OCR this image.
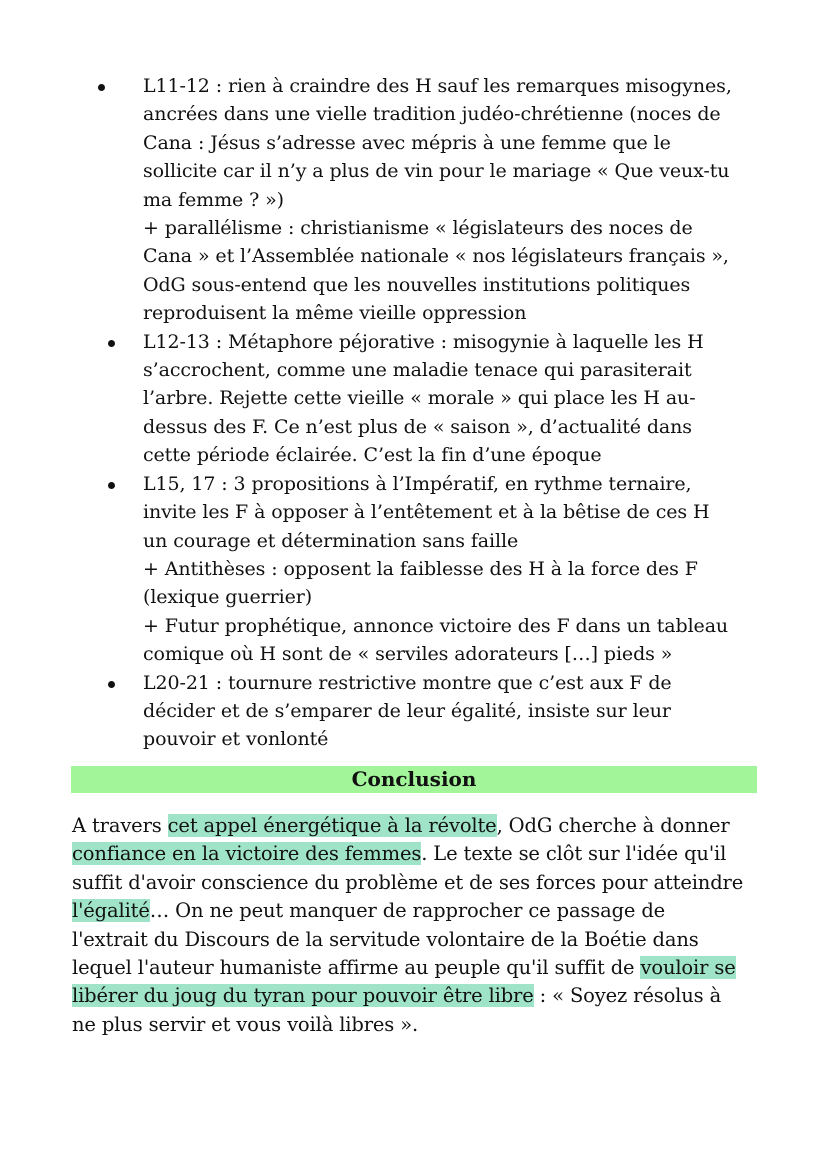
L11-12 : rien à craindre des H sauf les remarques misogynes,
ancrées dans une vielle tradition judéo-chrétienne (noces de
Cana : Jésus s’adresse avec mépris à une femme que le
sollicite car il n’y a plus de vin pour le mariage « Que veux-tu
ma femme ? »)
+ parallélisme : christianisme « législateurs des noces de
Cana » et l’Assemblée nationale « nos législateurs français »,
OdG sous-entend que les nouvelles institutions politiques
reproduisent la même vieille oppression
L12-13 : Métaphore péjorative : misogynie à laquelle les H
s’accrochent, comme une maladie tenace qui parasiterait
l’arbre. Rejette cette vieille « morale » qui place les H au-
dessus des F. Ce n’est plus de « saison », d’actualité dans
cette période éclairée. C’est la fin d’une époque
L15, 17 : 3 propositions à l’Impératif, en rythme ternaire,
invite les F à opposer à l’entêtement et à la bêtise de ces H
un courage et détermination sans faille
+ Antithèses : opposent la faiblesse des H à la force des F
(lexique guerrier)
+ Futur prophétique, annonce victoire des F dans un tableau
comique où H sont de « serviles adorateurs […] pieds »
L20-21 : tournure restrictive montre que c’est aux F de
décider et de s’emparer de leur égalité, insiste sur leur
pouvoir et vonlonté
Conclusion
A travers cet appel énergétique à la révolte, OdG cherche à donner
confiance en la victoire des femmes. Le texte se clôt sur l'idée qu'il
suffit d'avoir conscience du problème et de ses forces pour atteindre
l'égalité… On ne peut manquer de rapprocher ce passage de
l'extrait du Discours de la servitude volontaire de la Boétie dans
lequel l'auteur humaniste affirme au peuple qu'il suffit de vouloir se
libérer du joug du tyran pour pouvoir être libre : « Soyez résolus à
ne plus servir et vous voilà libres ».
